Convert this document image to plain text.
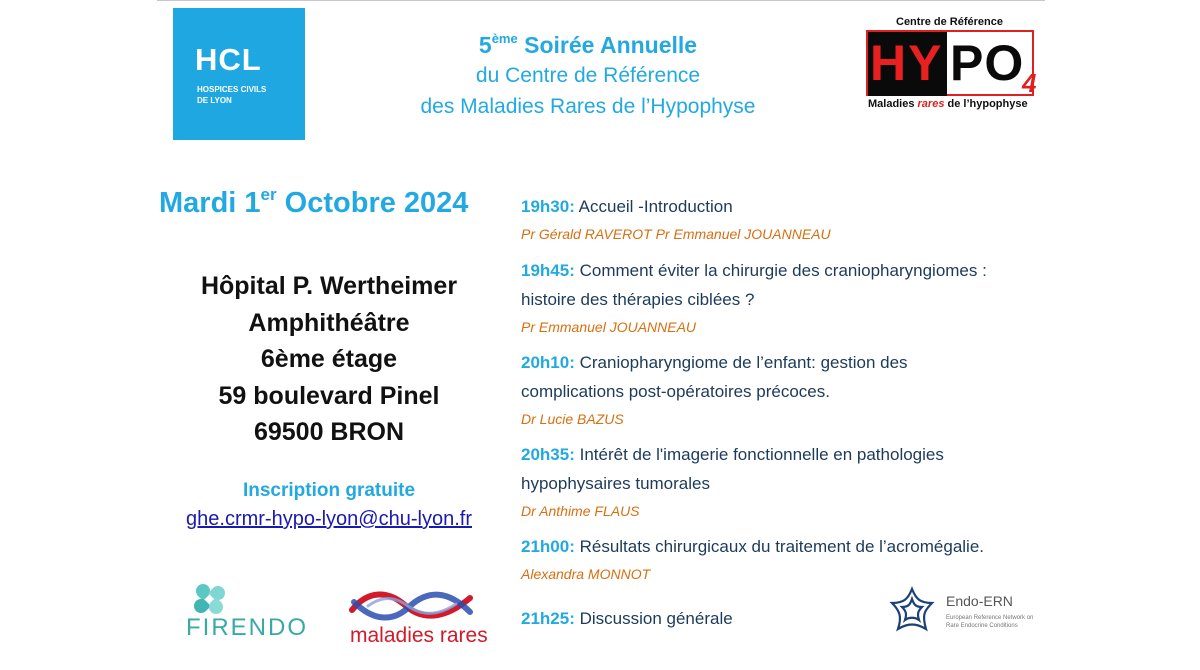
HCL
HOSPICES CIVILS
DE LYON
5ème Soirée Annuelle
du Centre de Référence
des Maladies Rares de l’Hypophyse
Centre de Référence
HY PO
4
Maladies rares de l’hypophyse
Mardi 1er Octobre 2024
Hôpital P. Wertheimer
Amphithéâtre
6ème étage
59 boulevard Pinel
69500 BRON
Inscription gratuite
ghe.crmr-hypo-lyon@chu-lyon.fr
19h30: Accueil -Introduction
Pr Gérald RAVEROT Pr Emmanuel JOUANNEAU
19h45: Comment éviter la chirurgie des craniopharyngiomes :
histoire des thérapies ciblées ?
Pr Emmanuel JOUANNEAU
20h10: Craniopharyngiome de l’enfant: gestion des
complications post-opératoires précoces.
Dr Lucie BAZUS
20h35: Intérêt de l'imagerie fonctionnelle en pathologies
hypophysaires tumorales
Dr Anthime FLAUS
21h00: Résultats chirurgicaux du traitement de l’acromégalie.
Alexandra MONNOT
21h25: Discussion générale
FIRENDO maladies rares
Endo-ERN
European Reference Network on Rare Endocrine Conditions
